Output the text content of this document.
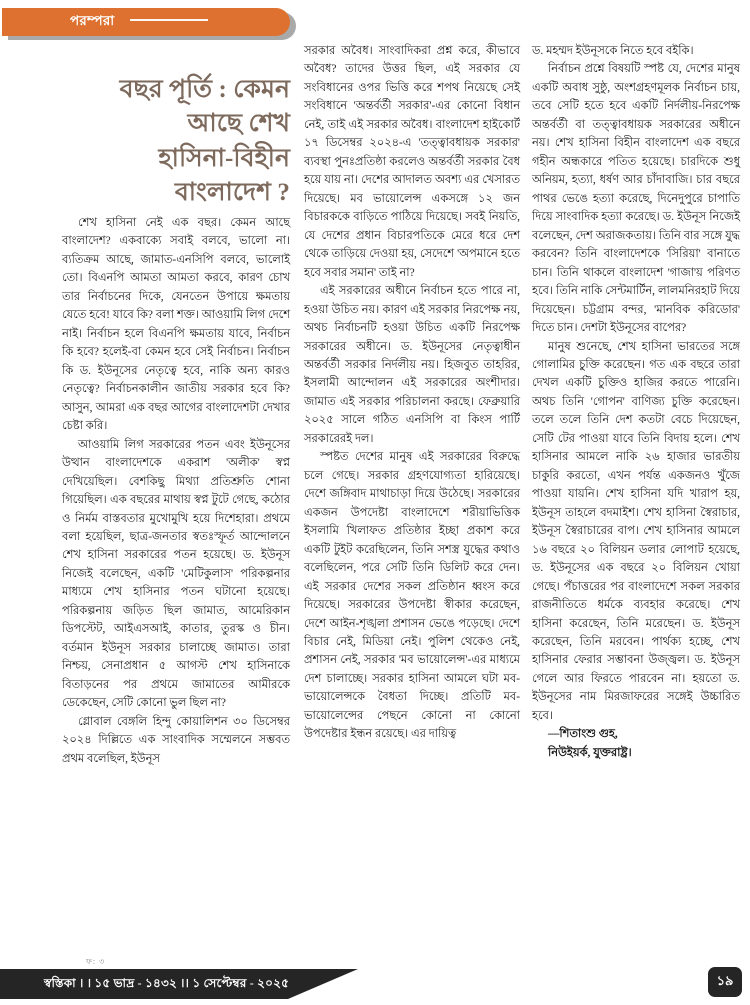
পরম্পরা
বছর পূর্তি : কেমন
আছে শেখ
হাসিনা-বিহীন
বাংলাদেশ ?

শেখ হাসিনা নেই এক বছর। কেমন আছে বাংলাদেশ? একবাক্যে সবাই বলবে, ভালো না। ব্যতিক্রম আছে, জামাত-এনসিপি বলবে, ভালোই তো। বিএনপি আমতা আমতা করবে, কারণ চোখ তার নির্বাচনের দিকে, যেনতেন উপায়ে ক্ষমতায় যেতে হবে! যাবে কি? বলা শক্ত। আওয়ামি লিগ দেশে নাই। নির্বাচন হলে বিএনপি ক্ষমতায় যাবে, নির্বাচন কি হবে? হলেই-বা কেমন হবে সেই নির্বাচন। নির্বাচন কি ড. ইউনূসের নেতৃত্বে হবে, নাকি অন্য কারও নেতৃত্বে? নির্বাচনকালীন জাতীয় সরকার হবে কি? আসুন, আমরা এক বছর আগের বাংলাদেশটা দেখার চেষ্টা করি।

আওয়ামি লিগ সরকারের পতন এবং ইউনূসের উত্থান বাংলাদেশকে একরাশ 'অলীক' স্বপ্ন দেখিয়েছিল। বেশকিছু মিথ্যা প্রতিশ্রুতি শোনা গিয়েছিল। এক বছরের মাথায় স্বপ্ন টুটে গেছে, কঠোর ও নির্মম বাস্তবতার মুখোমুখি হয়ে দিশেহারা। প্রথমে বলা হয়েছিল, ছাত্র-জনতার স্বতঃস্ফূর্ত আন্দোলনে শেখ হাসিনা সরকারের পতন হয়েছে। ড. ইউনূস নিজেই বলেছেন, একটি 'মেটিকুলাস' পরিকল্পনার মাধ্যমে শেখ হাসিনার পতন ঘটানো হয়েছে। পরিকল্পনায় জড়িত ছিল জামাত, আমেরিকান ডিপস্টেট, আইএসআই, কাতার, তুরস্ক ও চীন। বর্তমান ইউনূস সরকার চালাচ্ছে জামাত। তারা নিশ্চয়, সেনাপ্রধান ৫ আগস্ট শেখ হাসিনাকে বিতাড়নের পর প্রথমে জামাতের আমীরকে ডেকেছেন, সেটি কোনো ভুল ছিল না?

গ্লোবাল বেঙ্গলি হিন্দু কোয়ালিশন ৩০ ডিসেম্বর ২০২৪ দিল্লিতে এক সাংবাদিক সম্মেলনে সম্ভবত প্রথম বলেছিল, ইউনূস

সরকার অবৈধ। সাংবাদিকরা প্রশ্ন করে, কীভাবে অবৈধ? তাদের উত্তর ছিল, এই সরকার যে সংবিধানের ওপর ভিত্তি করে শপথ নিয়েছে সেই সংবিধানে 'অন্তর্বর্তী সরকার'-এর কোনো বিধান নেই, তাই এই সরকার অবৈধ। বাংলাদেশ হাইকোর্ট ১৭ ডিসেম্বর ২০২৪-এ 'তত্ত্বাবধায়ক সরকার' ব্যবস্থা পুনঃপ্রতিষ্ঠা করলেও অন্তর্বর্তী সরকার বৈধ হয়ে যায় না। দেশের আদালত অবশ্য এর খেসারত দিয়েছে। মব ভায়োলেন্স একসঙ্গে ১২ জন বিচারককে বাড়িতে পাঠিয়ে দিয়েছে। সবই নিয়তি, যে দেশের প্রধান বিচারপতিকে মেরে ধরে দেশ থেকে তাড়িয়ে দেওয়া হয়, সেদেশে 'অপমানে হতে হবে সবার সমান' তাই না?

এই সরকারের অধীনে নির্বাচন হতে পারে না, হওয়া উচিত নয়। কারণ এই সরকার নিরপেক্ষ নয়, অথচ নির্বাচনটি হওয়া উচিত একটি নিরপেক্ষ সরকারের অধীনে। ড. ইউনূসের নেতৃত্বাধীন অন্তর্বর্তী সরকার নির্দলীয় নয়। হিজবুত তাহরির, ইসলামী আন্দোলন এই সরকারের অংশীদার। জামাত এই সরকার পরিচালনা করছে। ফেব্রুয়ারি ২০২৫ সালে গঠিত এনসিপি বা কিংস পার্টি সরকারেরই দল।

স্পষ্টত দেশের মানুষ এই সরকারের বিরুদ্ধে চলে গেছে। সরকার গ্রহণযোগ্যতা হারিয়েছে। দেশে জঙ্গিবাদ মাথাচাড়া দিয়ে উঠেছে। সরকারের একজন উপদেষ্টা বাংলাদেশে শরীয়াভিত্তিক ইসলামি খিলাফত প্রতিষ্ঠার ইচ্ছা প্রকাশ করে একটি টুইট করেছিলেন, তিনি সশস্ত্র যুদ্ধের কথাও বলেছিলেন, পরে সেটি তিনি ডিলিট করে দেন। এই সরকার দেশের সকল প্রতিষ্ঠান ধ্বংস করে দিয়েছে। সরকারের উপদেষ্টা স্বীকার করেছেন, দেশে আইন-শৃঙ্খলা প্রশাসন ভেঙে পড়েছে। দেশে বিচার নেই, মিডিয়া নেই। পুলিশ থেকেও নেই, প্রশাসন নেই, সরকার 'মব ভায়োলেন্স'-এর মাধ্যমে দেশ চালাচ্ছে। সরকার হাসিনা আমলে ঘটা মব-ভায়োলেন্সকে বৈধতা দিচ্ছে। প্রতিটি মব-ভায়োলেন্সের পেছনে কোনো না কোনো উপদেষ্টার ইন্ধন রয়েছে। এর দায়িত্ব

ড. মহম্মদ ইউনূসকে নিতে হবে বইকি।

নির্বাচন প্রশ্নে বিষয়টি স্পষ্ট যে, দেশের মানুষ একটি অবাধ সুষ্ঠু, অংশগ্রহণমূলক নির্বাচন চায়, তবে সেটি হতে হবে একটি নির্দলীয়-নিরপেক্ষ অন্তর্বর্তী বা তত্ত্বাবধায়ক সরকারের অধীনে নয়। শেখ হাসিনা বিহীন বাংলাদেশ এক বছরে গহীন অন্ধকারে পতিত হয়েছে। চারদিকে শুধু অনিয়ম, হত্যা, ধর্ষণ আর চাঁদাবাজি। চার বছরে পাথর ভেঙে হত্যা করেছে, দিনেদুপুরে চাপাতি দিয়ে সাংবাদিক হত্যা করেছে। ড. ইউনূস নিজেই বলেছেন, দেশ অরাজকতায়। তিনি বার সঙ্গে যুদ্ধ করবেন? তিনি বাংলাদেশকে 'সিরিয়া' বানাতে চান। তিনি থাকলে বাংলাদেশ 'গাজা'য় পরিণত হবে। তিনি নাকি সেন্টমার্টিন, লালমনিরহাট দিয়ে দিয়েছেন। চট্টগ্রাম বন্দর, 'মানবিক করিডোর' দিতে চান। দেশটা ইউনূসের বাপের?

মানুষ শুনেছে, শেখ হাসিনা ভারতের সঙ্গে গোলামির চুক্তি করেছেন। গত এক বছরে তারা দেখল একটি চুক্তিও হাজির করতে পারেনি। অথচ তিনি 'গোপন' বাণিজ্য চুক্তি করেছেন। তলে তলে তিনি দেশ কতটা বেচে দিয়েছেন, সেটি টের পাওয়া যাবে তিনি বিদায় হলে। শেখ হাসিনার আমলে নাকি ২৬ হাজার ভারতীয় চাকুরি করতো, এখন পর্যন্ত একজনও খুঁজে পাওয়া যায়নি। শেখ হাসিনা যদি খারাপ হয়, ইউনূস তাহলে বদমাইশ। শেখ হাসিনা স্বৈরাচার, ইউনূস স্বৈরাচারের বাপ। শেখ হাসিনার আমলে ১৬ বছরে ২০ বিলিয়ন ডলার লোপাট হয়েছে, ড. ইউনূসের এক বছরে ২০ বিলিয়ন খোয়া গেছে। পঁচাত্তরের পর বাংলাদেশে সকল সরকার রাজনীতিতে ধর্মকে ব্যবহার করেছে। শেখ হাসিনা করেছেন, তিনি মরেছেন। ড. ইউনূস করেছেন, তিনি মরবেন। পার্থক্য হচ্ছে, শেখ হাসিনার ফেরার সম্ভাবনা উজ্জ্বল। ড. ইউনূস গেলে আর ফিরতে পারবেন না। হয়তো ড. ইউনূসের নাম মিরজাফরের সঙ্গেই উচ্চারিত হবে।

—শিতাংশু গুহ,
নিউইয়র্ক, যুক্তরাষ্ট্র।

ফ: ৩
স্বস্তিকা । । ১৫ ভাদ্র - ১৪৩২ ।। ১ সেপ্টেম্বর - ২০২৫	১৯
